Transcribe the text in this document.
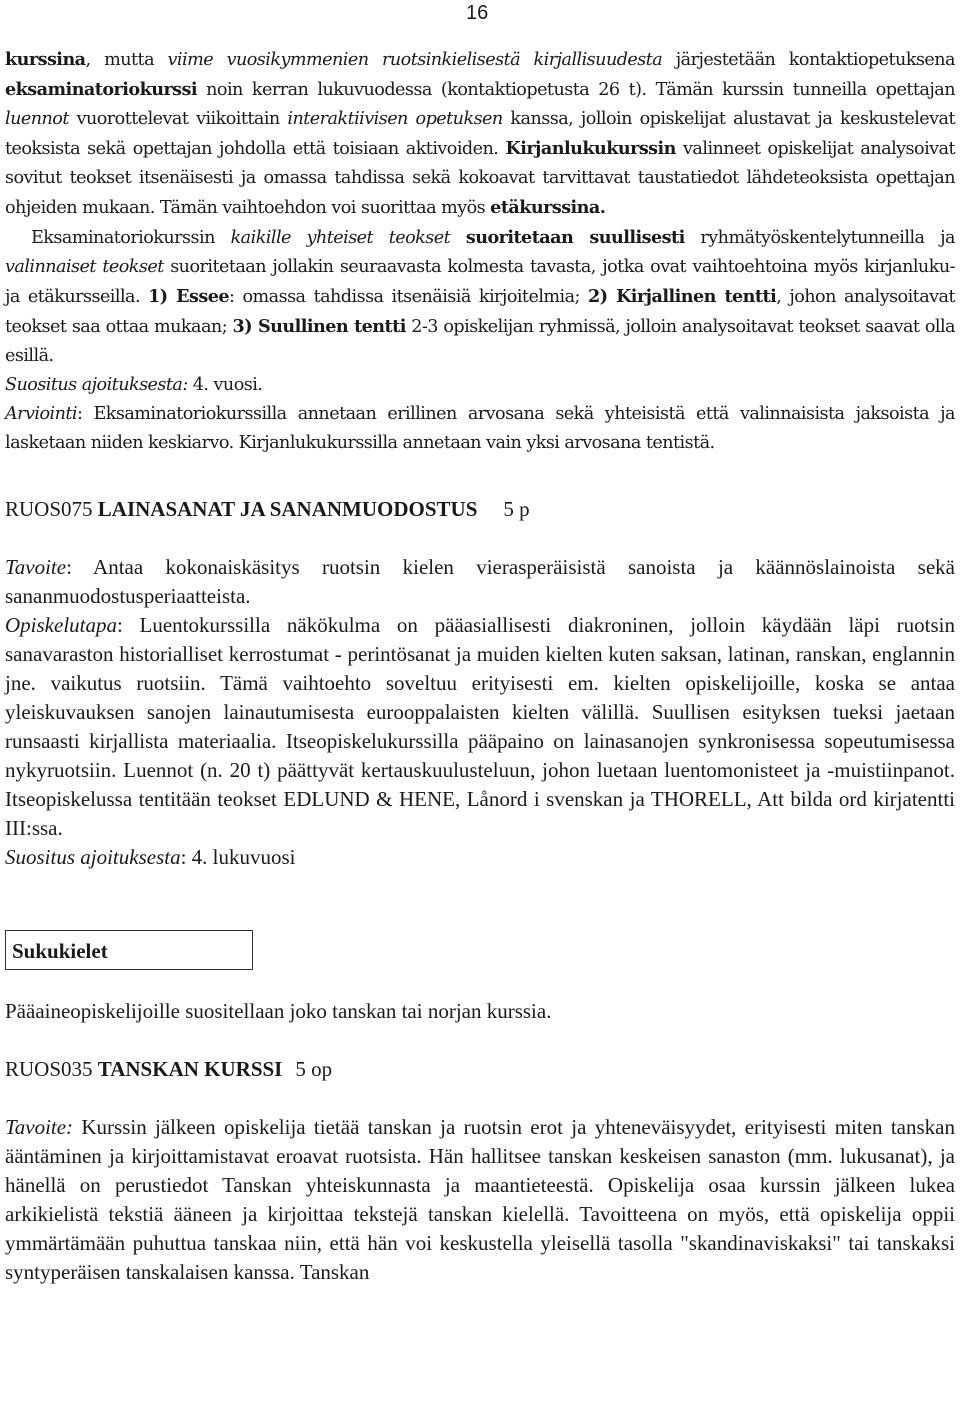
16

kurssina, mutta viime vuosikymmenien ruotsinkielisestä kirjallisuudesta järjestetään kontaktiopetuksena eksaminatoriokurssi noin kerran lukuvuodessa (kontaktiopetusta 26 t). Tämän kurssin tunneilla opettajan luennot vuorottelevat viikoittain interaktiivisen opetuksen kanssa, jolloin opiskelijat alustavat ja keskustelevat teoksista sekä opettajan johdolla että toisiaan aktivoiden. Kirjanlukukurssin valinneet opiskelijat analysoivat sovitut teokset itsenäisesti ja omassa tahdissa sekä kokoavat tarvittavat taustatiedot lähdeteoksista opettajan ohjeiden mukaan. Tämän vaihtoehdon voi suorittaa myös etäkurssina.

Eksaminatoriokurssin kaikille yhteiset teokset suoritetaan suullisesti ryhmätyöskentelytunneilla ja valinnaiset teokset suoritetaan jollakin seuraavasta kolmesta tavasta, jotka ovat vaihtoehtoina myös kirjanluku- ja etäkursseilla. 1) Essee: omassa tahdissa itsenäisiä kirjoitelmia; 2) Kirjallinen tentti, johon analysoitavat teokset saa ottaa mukaan; 3) Suullinen tentti 2-3 opiskelijan ryhmissä, jolloin analysoitavat teokset saavat olla esillä.

Suositus ajoituksesta: 4. vuosi.

Arviointi: Eksaminatoriokurssilla annetaan erillinen arvosana sekä yhteisistä että valinnaisista jaksoista ja lasketaan niiden keskiarvo. Kirjanlukukurssilla annetaan vain yksi arvosana tentistä.

RUOS075 LAINASANAT JA SANANMUODOSTUS 5 p

Tavoite: Antaa kokonaiskäsitys ruotsin kielen vierasperäisistä sanoista ja käännöslainoista sekä sananmuodostusperiaatteista.

Opiskelutapa: Luentokurssilla näkökulma on pääasiallisesti diakroninen, jolloin käydään läpi ruotsin sanavaraston historialliset kerrostumat - perintösanat ja muiden kielten kuten saksan, latinan, ranskan, englannin jne. vaikutus ruotsiin. Tämä vaihtoehto soveltuu erityisesti em. kielten opiskelijoille, koska se antaa yleiskuvauksen sanojen lainautumisesta eurooppalaisten kielten välillä. Suullisen esityksen tueksi jaetaan runsaasti kirjallista materiaalia. Itseopiskelukurssilla pääpaino on lainasanojen synkronisessa sopeutumisessa nykyruotsiin. Luennot (n. 20 t) päättyvät kertauskuulusteluun, johon luetaan luentomonisteet ja -muistiinpanot. Itseopiskelussa tentitään teokset EDLUND & HENE, Lånord i svenskan ja THORELL, Att bilda ord kirjatentti III:ssa.

Suositus ajoituksesta: 4. lukuvuosi

Sukukielet

Pääaineopiskelijoille suositellaan joko tanskan tai norjan kurssia.

RUOS035 TANSKAN KURSSI 5 op

Tavoite: Kurssin jälkeen opiskelija tietää tanskan ja ruotsin erot ja yhteneväisyydet, erityisesti miten tanskan ääntäminen ja kirjoittamistavat eroavat ruotsista. Hän hallitsee tanskan keskeisen sanaston (mm. lukusanat), ja hänellä on perustiedot Tanskan yhteiskunnasta ja maantieteestä. Opiskelija osaa kurssin jälkeen lukea arkikielistä tekstiä ääneen ja kirjoittaa tekstejä tanskan kielellä. Tavoitteena on myös, että opiskelija oppii ymmärtämään puhuttua tanskaa niin, että hän voi keskustella yleisellä tasolla "skandinaviskaksi" tai tanskaksi syntyperäisen tanskalaisen kanssa. Tanskan
